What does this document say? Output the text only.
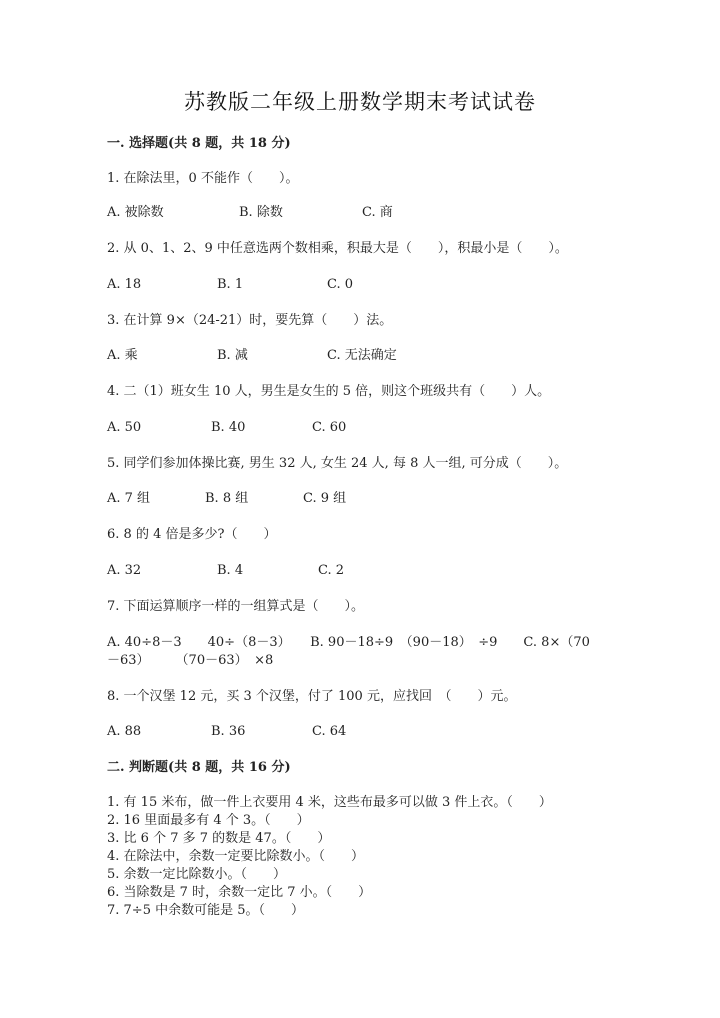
苏教版二年级上册数学期末考试试卷
一. 选择题(共 8 题，共 18 分)
1. 在除法里，0 不能作（　　）。
A. 被除数	B. 除数	C. 商
2. 从 0、1、2、9 中任意选两个数相乘，积最大是（　　），积最小是（　　）。
A. 18	B. 1	C. 0
3. 在计算 9×（24-21）时，要先算（　　）法。
A. 乘	B. 减	C. 无法确定
4. 二（1）班女生 10 人，男生是女生的 5 倍，则这个班级共有（　　）人。
A. 50	B. 40	C. 60
5. 同学们参加体操比赛, 男生 32 人, 女生 24 人, 每 8 人一组, 可分成（　　）。
A. 7 组	B. 8 组	C. 9 组
6. 8 的 4 倍是多少?（　　）
A. 32	B. 4	C. 2
7. 下面运算顺序一样的一组算式是（　　）。
A. 40÷8－3　　40÷（8－3）　　B. 90－18÷9　（90－18）　÷9　　C. 8×（70
－63）　　　（70－63）　×8
8. 一个汉堡 12 元，买 3 个汉堡，付了 100 元，应找回　（　　）元。
A. 88	B. 36	C. 64
二. 判断题(共 8 题，共 16 分)
1. 有 15 米布，做一件上衣要用 4 米，这些布最多可以做 3 件上衣。（　　）
2. 16 里面最多有 4 个 3。（　　）
3. 比 6 个 7 多 7 的数是 47。（　　）
4. 在除法中，余数一定要比除数小。（　　）
5. 余数一定比除数小。（　　）
6. 当除数是 7 时，余数一定比 7 小。（　　）
7. 7÷5 中余数可能是 5。（　　）
